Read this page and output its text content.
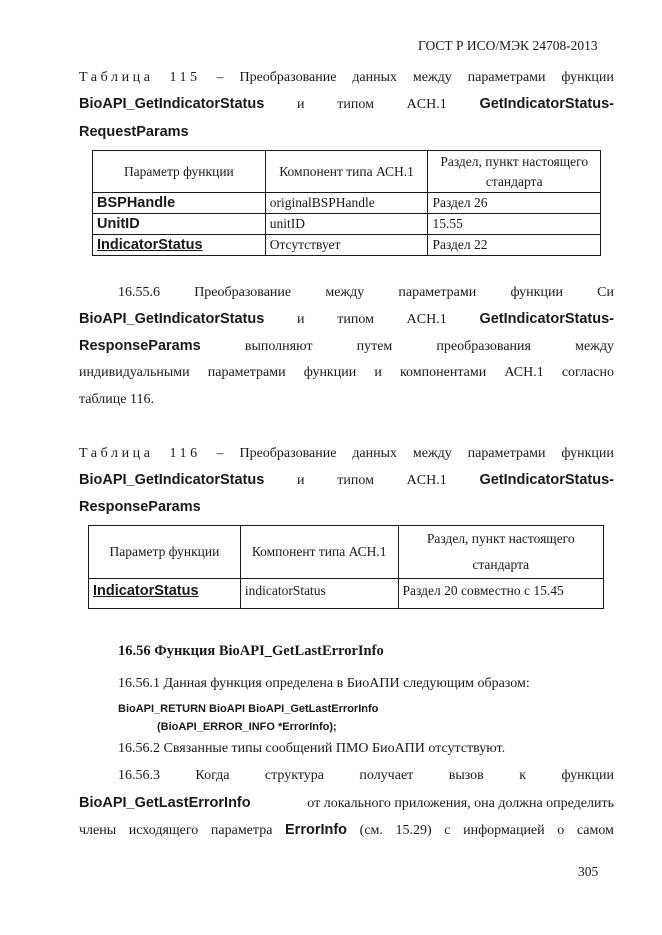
ГОСТ Р ИСО/МЭК 24708-2013
Таблица 115 – Преобразование данных между параметрами функции
BioAPI_GetIndicatorStatus и типом ACH.1 GetIndicatorStatus-
RequestParams
Параметр функции	Компонент типа АСН.1	Раздел, пункт настоящего стандарта
BSPHandle	originalBSPHandle	Раздел 26
UnitID	unitID	15.55
IndicatorStatus	Отсутствует	Раздел 22
16.55.6 Преобразование между параметрами функции Си
BioAPI_GetIndicatorStatus и типом ACH.1 GetIndicatorStatus-
ResponseParams	выполняют	путем	преобразования	между
индивидуальными параметрами функции и компонентами АСН.1 согласно
таблице 116.
Таблица 116 – Преобразование данных между параметрами функции
BioAPI_GetIndicatorStatus и типом ACH.1 GetIndicatorStatus-
ResponseParams
Параметр функции	Компонент типа АСН.1	Раздел, пункт настоящего стандарта
IndicatorStatus	indicatorStatus	Раздел 20 совместно с 15.45
16.56 Функция BioAPI_GetLastErrorInfo
16.56.1 Данная функция определена в БиоАПИ следующим образом:
BioAPI_RETURN BioAPI BioAPI_GetLastErrorInfo
(BioAPI_ERROR_INFO *ErrorInfo);
16.56.2 Связанные типы сообщений ПМО БиоАПИ отсутствуют.
16.56.3	Когда	структура	получает	вызов	к	функции
BioAPI_GetLastErrorInfo	от локального приложения, она должна определить
члены исходящего параметра ErrorInfo (см. 15.29) с информацией о самом
305
